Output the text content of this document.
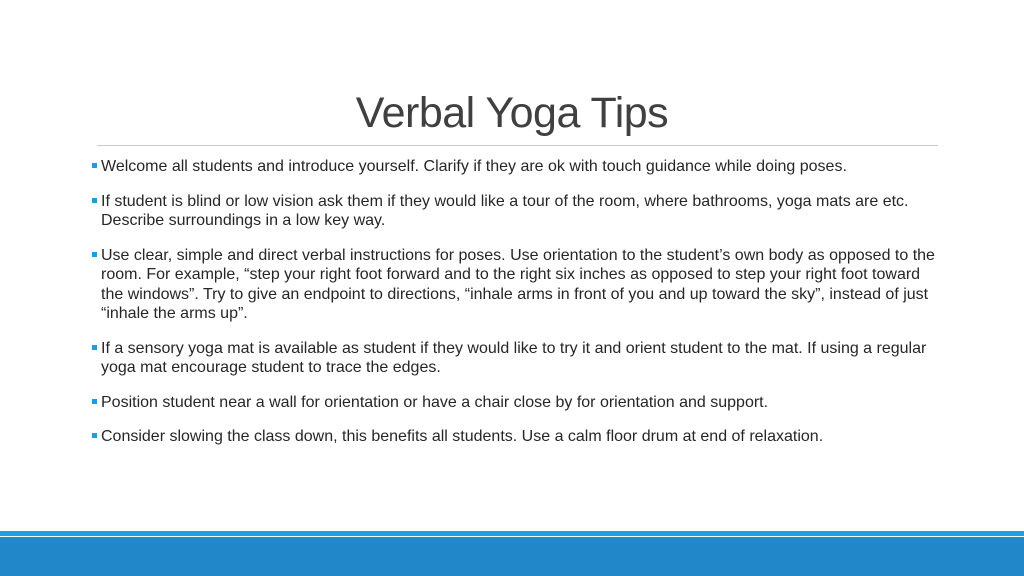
Verbal Yoga Tips
Welcome all students and introduce yourself. Clarify if they are ok with touch guidance while doing poses.
If student is blind or low vision ask them if they would like a tour of the room, where bathrooms, yoga mats are etc. Describe surroundings in a low key way.
Use clear, simple and direct verbal instructions for poses. Use orientation to the student’s own body as opposed to the room. For example, “step your right foot forward and to the right six inches as opposed to step your right foot toward the windows”. Try to give an endpoint to directions, “inhale arms in front of you and up toward the sky”, instead of just “inhale the arms up”.
If a sensory yoga mat is available as student if they would like to try it and orient student to the mat. If using a regular yoga mat encourage student to trace the edges.
Position student near a wall for orientation or have a chair close by for orientation and support.
Consider slowing the class down, this benefits all students. Use a calm floor drum at end of relaxation.
